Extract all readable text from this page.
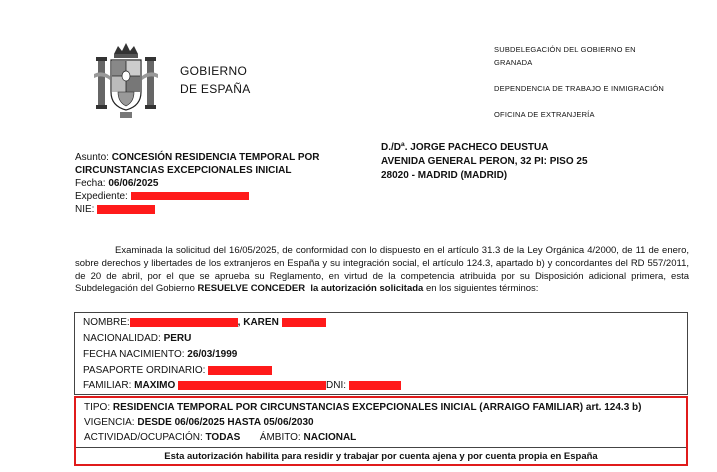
GOBIERNO
DE ESPAÑA
SUBDELEGACIÓN DEL GOBIERNO EN
GRANADA
DEPENDENCIA DE TRABAJO E INMIGRACIÓN
OFICINA DE EXTRANJERÍA
Asunto: CONCESIÓN RESIDENCIA TEMPORAL POR
CIRCUNSTANCIAS EXCEPCIONALES INICIAL
Fecha: 06/06/2025
Expediente:
NIE:
D./Dª. JORGE PACHECO DEUSTUA
AVENIDA GENERAL PERON, 32 PI: PISO 25
28020 - MADRID (MADRID)

Examinada la solicitud del 16/05/2025, de conformidad con lo dispuesto en el artículo 31.3 de la Ley Orgánica 4/2000, de 11 de enero, sobre derechos y libertades de los extranjeros en España y su integración social, el artículo 124.3, apartado b) y concordantes del RD 557/2011, de 20 de abril, por el que se aprueba su Reglamento, en virtud de la competencia atribuida por su Disposición adicional primera, esta Subdelegación del Gobierno RESUELVE CONCEDER la autorización solicitada en los siguientes términos:

NOMBRE:	, KAREN
NACIONALIDAD: PERU
FECHA NACIMIENTO: 26/03/1999
PASAPORTE ORDINARIO:
FAMILIAR: MAXIMO	DNI:
TIPO: RESIDENCIA TEMPORAL POR CIRCUNSTANCIAS EXCEPCIONALES INICIAL (ARRAIGO FAMILIAR) art. 124.3 b)
VIGENCIA: DESDE 06/06/2025 HASTA 05/06/2030
ACTIVIDAD/OCUPACIÓN: TODAS ÁMBITO: NACIONAL
Esta autorización habilita para residir y trabajar por cuenta ajena y por cuenta propia en España
